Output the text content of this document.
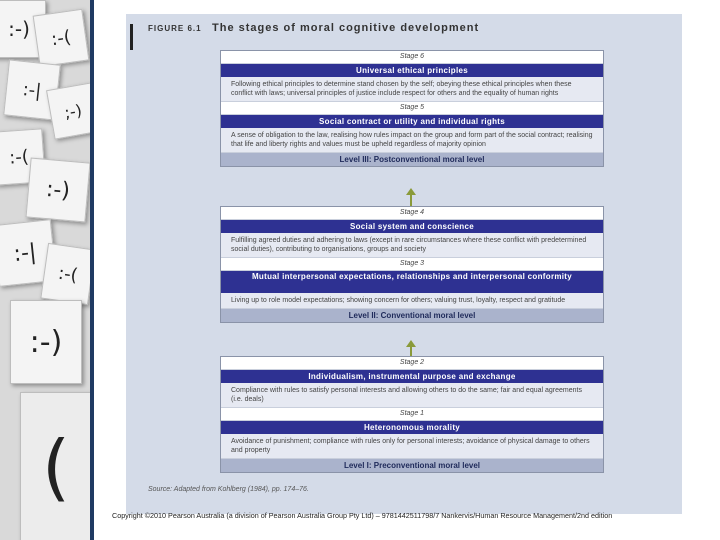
:-) :-(
:-|
;-)
:-(
:-)
:-|
:-(
:-)
(
FIGURE 6.1 The stages of moral cognitive development
Stage 6
Universal ethical principles
Following ethical principles to determine stand chosen by the self; obeying these ethical principles when these conflict with laws; universal principles of justice include respect for others and the equality of human rights
Stage 5
Social contract or utility and individual rights
A sense of obligation to the law, realising how rules impact on the group and form part of the social contract; realising that life and liberty rights and values must be upheld regardless of majority opinion
Level III: Postconventional moral level
Stage 4
Social system and conscience
Fulfilling agreed duties and adhering to laws (except in rare circumstances where these conflict with predetermined social duties), contributing to organisations, groups and society
Stage 3
Mutual interpersonal expectations, relationships and interpersonal conformity
Living up to role model expectations; showing concern for others; valuing trust, loyalty, respect and gratitude
Level II: Conventional moral level
Stage 2
Individualism, instrumental purpose and exchange
Compliance with rules to satisfy personal interests and allowing others to do the same; fair and equal agreements (i.e. deals)
Stage 1
Heteronomous morality
Avoidance of punishment; compliance with rules only for personal interests; avoidance of physical damage to others and property
Level I: Preconventional moral level
Source: Adapted from Kohlberg (1984), pp. 174–76.
Copyright ©2010 Pearson Australia (a division of Pearson Australia Group Pty Ltd) – 9781442511798/7 Nankervis/Human Resource Management/2nd edition
